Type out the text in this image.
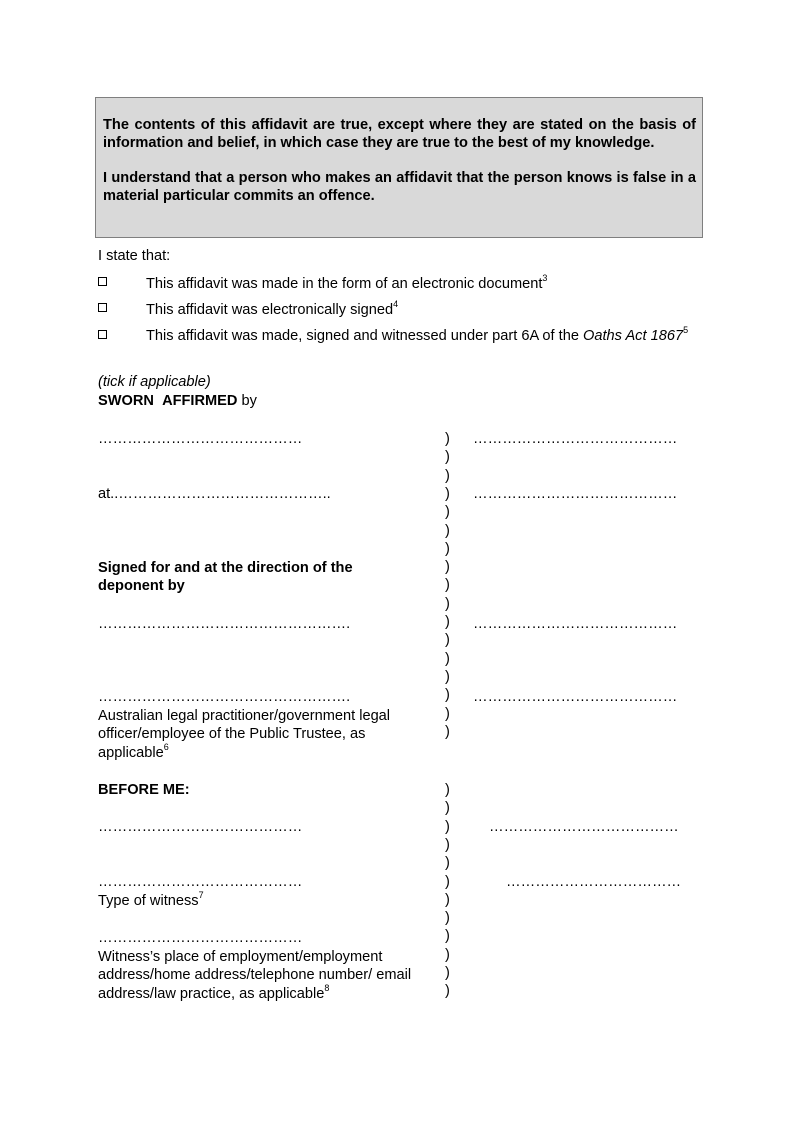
The contents of this affidavit are true, except where they are stated on the basis of information and belief, in which case they are true to the best of my knowledge.

I understand that a person who makes an affidavit that the person knows is false in a material particular commits an offence.

I state that:
This affidavit was made in the form of an electronic document$^3$
This affidavit was electronically signed$^4$
This affidavit was made, signed and witnessed under part 6A of the Oaths Act 1867$^5$
(tick if applicable)
SWORN AFFIRMED by
……………………………………
at..……………………………………..
Signed for and at the direction of the deponent by
…………………………………………….
…………………………………………….
Australian legal practitioner/government legal officer/employee of the Public Trustee, as applicable$^6$
BEFORE ME:
……………………………………
……………………………………
Type of witness$^7$
……………………………………
Witness’s place of employment/employment address/home address/telephone number/ email address/law practice, as applicable$^8$
……………………………………
……………………………………
……………………………………
……………………………………
…………………………………
………………………………
)
)
)
)
)
)
)
)
)
)
)
)
)
)
)
)
)
)
)
)
)
)
)
)
)
)
)
)
)
